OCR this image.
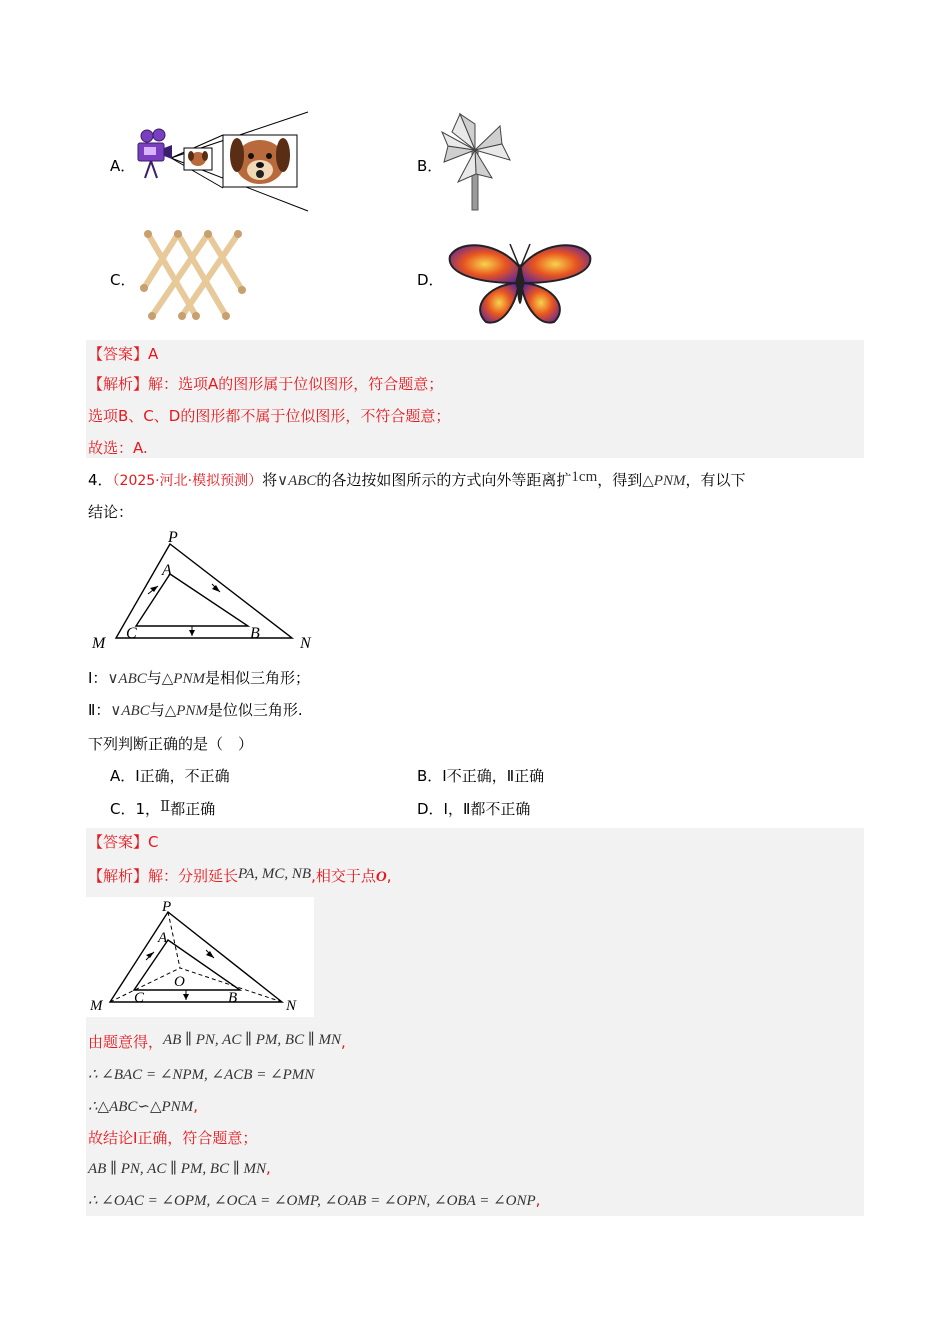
A．	B．
C．	D．
【答案】A
【解析】解：选项A的图形属于位似图形，符合题意；
选项B、C、D的图形都不属于位似图形，不符合题意；
故选：A.
4．（2025·河北·模拟预测）将∨ABC的各边按如图所示的方式向外等距离扩1cm，得到△PNM，有以下
结论：
P
A
M
C	B
N
Ⅰ：∨ABC与△PNM是相似三角形；
Ⅱ：∨ABC与△PNM是位似三角形.
下列判断正确的是（　）
A．Ⅰ正确，不正确	B．Ⅰ不正确，Ⅱ正确
C．1，Ⅱ都正确	D．Ⅰ，Ⅱ都不正确
【答案】C
【解析】解：分别延长PA, MC, NB,相交于点O,
P
A
O
M C	B	N
由题意得，AB ∥ PN, AC ∥ PM, BC ∥ MN,
∴ ∠BAC = ∠NPM, ∠ACB = ∠PMN
∴△ABC∽△PNM,
故结论Ⅰ正确，符合题意；
AB ∥ PN, AC ∥ PM, BC ∥ MN,
∴ ∠OAC = ∠OPM, ∠OCA = ∠OMP, ∠OAB = ∠OPN, ∠OBA = ∠ONP,
